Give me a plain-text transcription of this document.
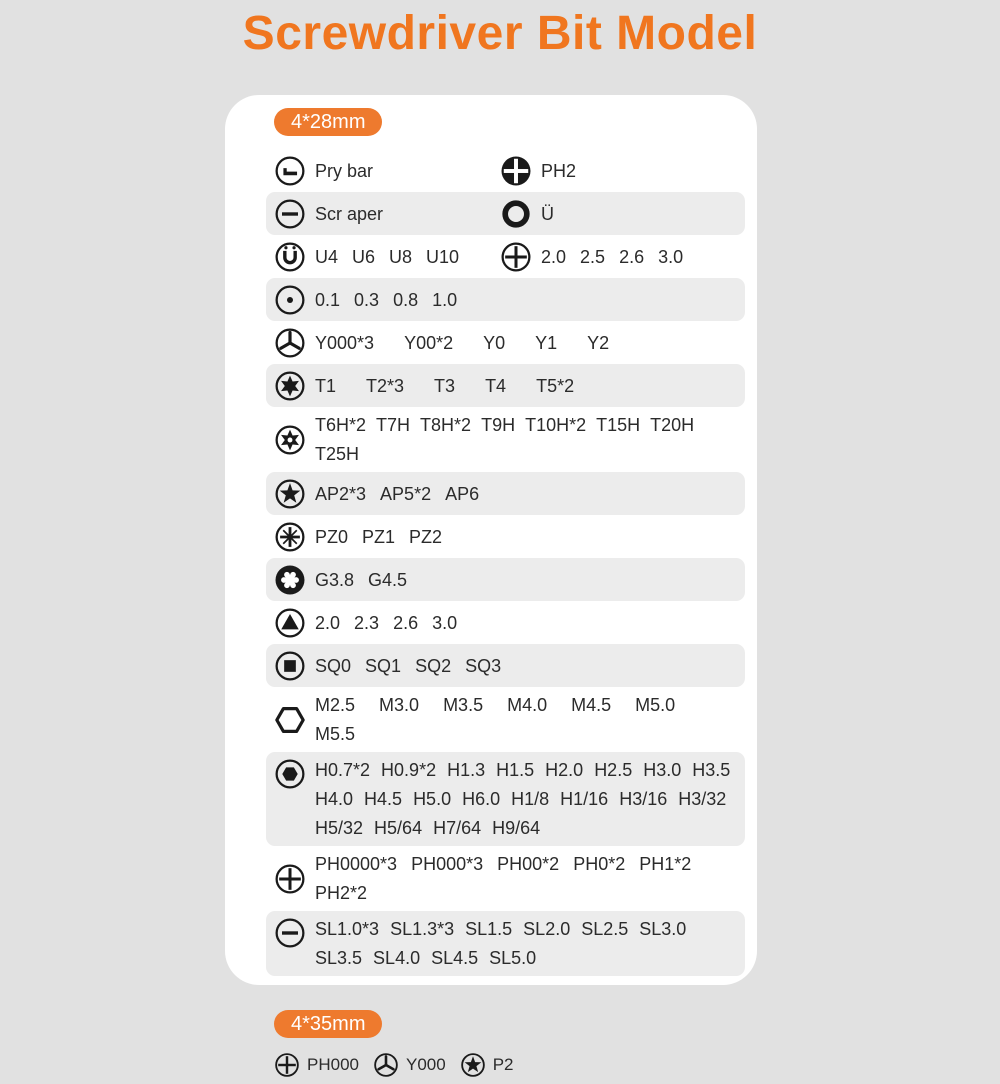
Screwdriver Bit Model
4*28mm
Pry bar	PH2
Scr aper	Ü
U4 U6 U8 U10	2.0 2.5 2.6 3.0
0.1 0.3 0.8 1.0
Y000*3 Y00*2 Y0 Y1 Y2
T1 T2*3 T3 T4 T5*2
T6H*2 T7H T8H*2 T9H T10H*2 T15H T20H
T25H
AP2*3 AP5*2 AP6
PZ0 PZ1 PZ2
G3.8 G4.5
2.0 2.3 2.6 3.0
SQ0 SQ1 SQ2 SQ3
M2.5 M3.0 M3.5 M4.0 M4.5 M5.0
M5.5
H0.7*2 H0.9*2 H1.3 H1.5 H2.0 H2.5 H3.0 H3.5
H4.0 H4.5 H5.0 H6.0 H1/8 H1/16 H3/16 H3/32
H5/32 H5/64 H7/64 H9/64
PH0000*3 PH000*3 PH00*2 PH0*2 PH1*2
PH2*2
SL1.0*3 SL1.3*3 SL1.5 SL2.0 SL2.5 SL3.0
SL3.5 SL4.0 SL4.5 SL5.0
4*35mm
PH000	Y000	P2
